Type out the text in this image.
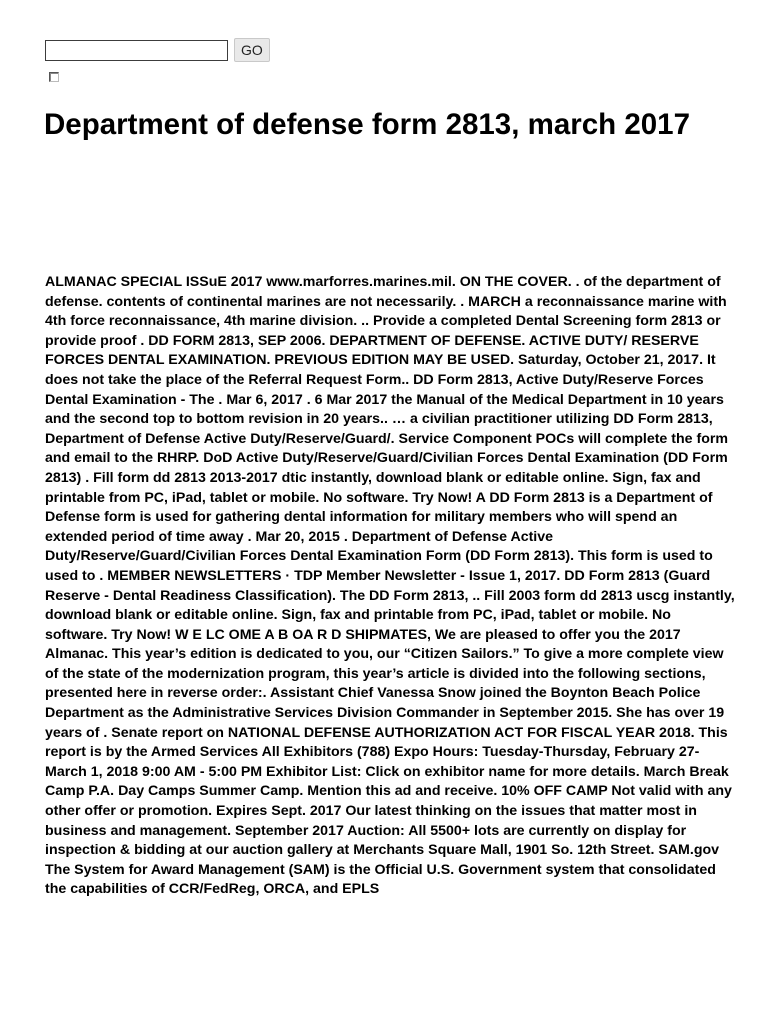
GO
Department of defense form 2813, march 2017

ALMANAC SPECIAL ISSuE 2017 www.marforres.marines.mil. ON THE COVER. . of the department of defense. contents of continental marines are not necessarily. . MARCH a reconnaissance marine with 4th force reconnaissance, 4th marine division. .. Provide a completed Dental Screening form 2813 or provide proof . DD FORM 2813, SEP 2006. DEPARTMENT OF DEFENSE. ACTIVE DUTY/ RESERVE FORCES DENTAL EXAMINATION. PREVIOUS EDITION MAY BE USED. Saturday, October 21, 2017. It does not take the place of the Referral Request Form.. DD Form 2813, Active Duty/Reserve Forces Dental Examination - The . Mar 6, 2017 . 6 Mar 2017 the Manual of the Medical Department in 10 years and the second top to bottom revision in 20 years.. … a civilian practitioner utilizing DD Form 2813, Department of Defense Active Duty/Reserve/Guard/. Service Component POCs will complete the form and email to the RHRP. DoD Active Duty/Reserve/Guard/Civilian Forces Dental Examination (DD Form 2813) . Fill form dd 2813 2013-2017 dtic instantly, download blank or editable online. Sign, fax and printable from PC, iPad, tablet or mobile. No software. Try Now! A DD Form 2813 is a Department of Defense form is used for gathering dental information for military members who will spend an extended period of time away . Mar 20, 2015 . Department of Defense Active Duty/Reserve/Guard/Civilian Forces Dental Examination Form (DD Form 2813). This form is used to used to . MEMBER NEWSLETTERS · TDP Member Newsletter - Issue 1, 2017. DD Form 2813 (Guard Reserve - Dental Readiness Classification). The DD Form 2813, .. Fill 2003 form dd 2813 uscg instantly, download blank or editable online. Sign, fax and printable from PC, iPad, tablet or mobile. No software. Try Now! W E LC OME A B OA R D SHIPMATES, We are pleased to offer you the 2017 Almanac. This year’s edition is dedicated to you, our “Citizen Sailors.” To give a more complete view of the state of the modernization program, this year’s article is divided into the following sections, presented here in reverse order:. Assistant Chief Vanessa Snow joined the Boynton Beach Police Department as the Administrative Services Division Commander in September 2015. She has over 19 years of . Senate report on NATIONAL DEFENSE AUTHORIZATION ACT FOR FISCAL YEAR 2018. This report is by the Armed Services All Exhibitors (788) Expo Hours: Tuesday-Thursday, February 27-March 1, 2018 9:00 AM - 5:00 PM Exhibitor List: Click on exhibitor name for more details. March Break Camp P.A. Day Camps Summer Camp. Mention this ad and receive. 10% OFF CAMP Not valid with any other offer or promotion. Expires Sept. 2017 Our latest thinking on the issues that matter most in business and management. September 2017 Auction: All 5500+ lots are currently on display for inspection & bidding at our auction gallery at Merchants Square Mall, 1901 So. 12th Street. SAM.gov The System for Award Management (SAM) is the Official U.S. Government system that consolidated the capabilities of CCR/FedReg, ORCA, and EPLS
